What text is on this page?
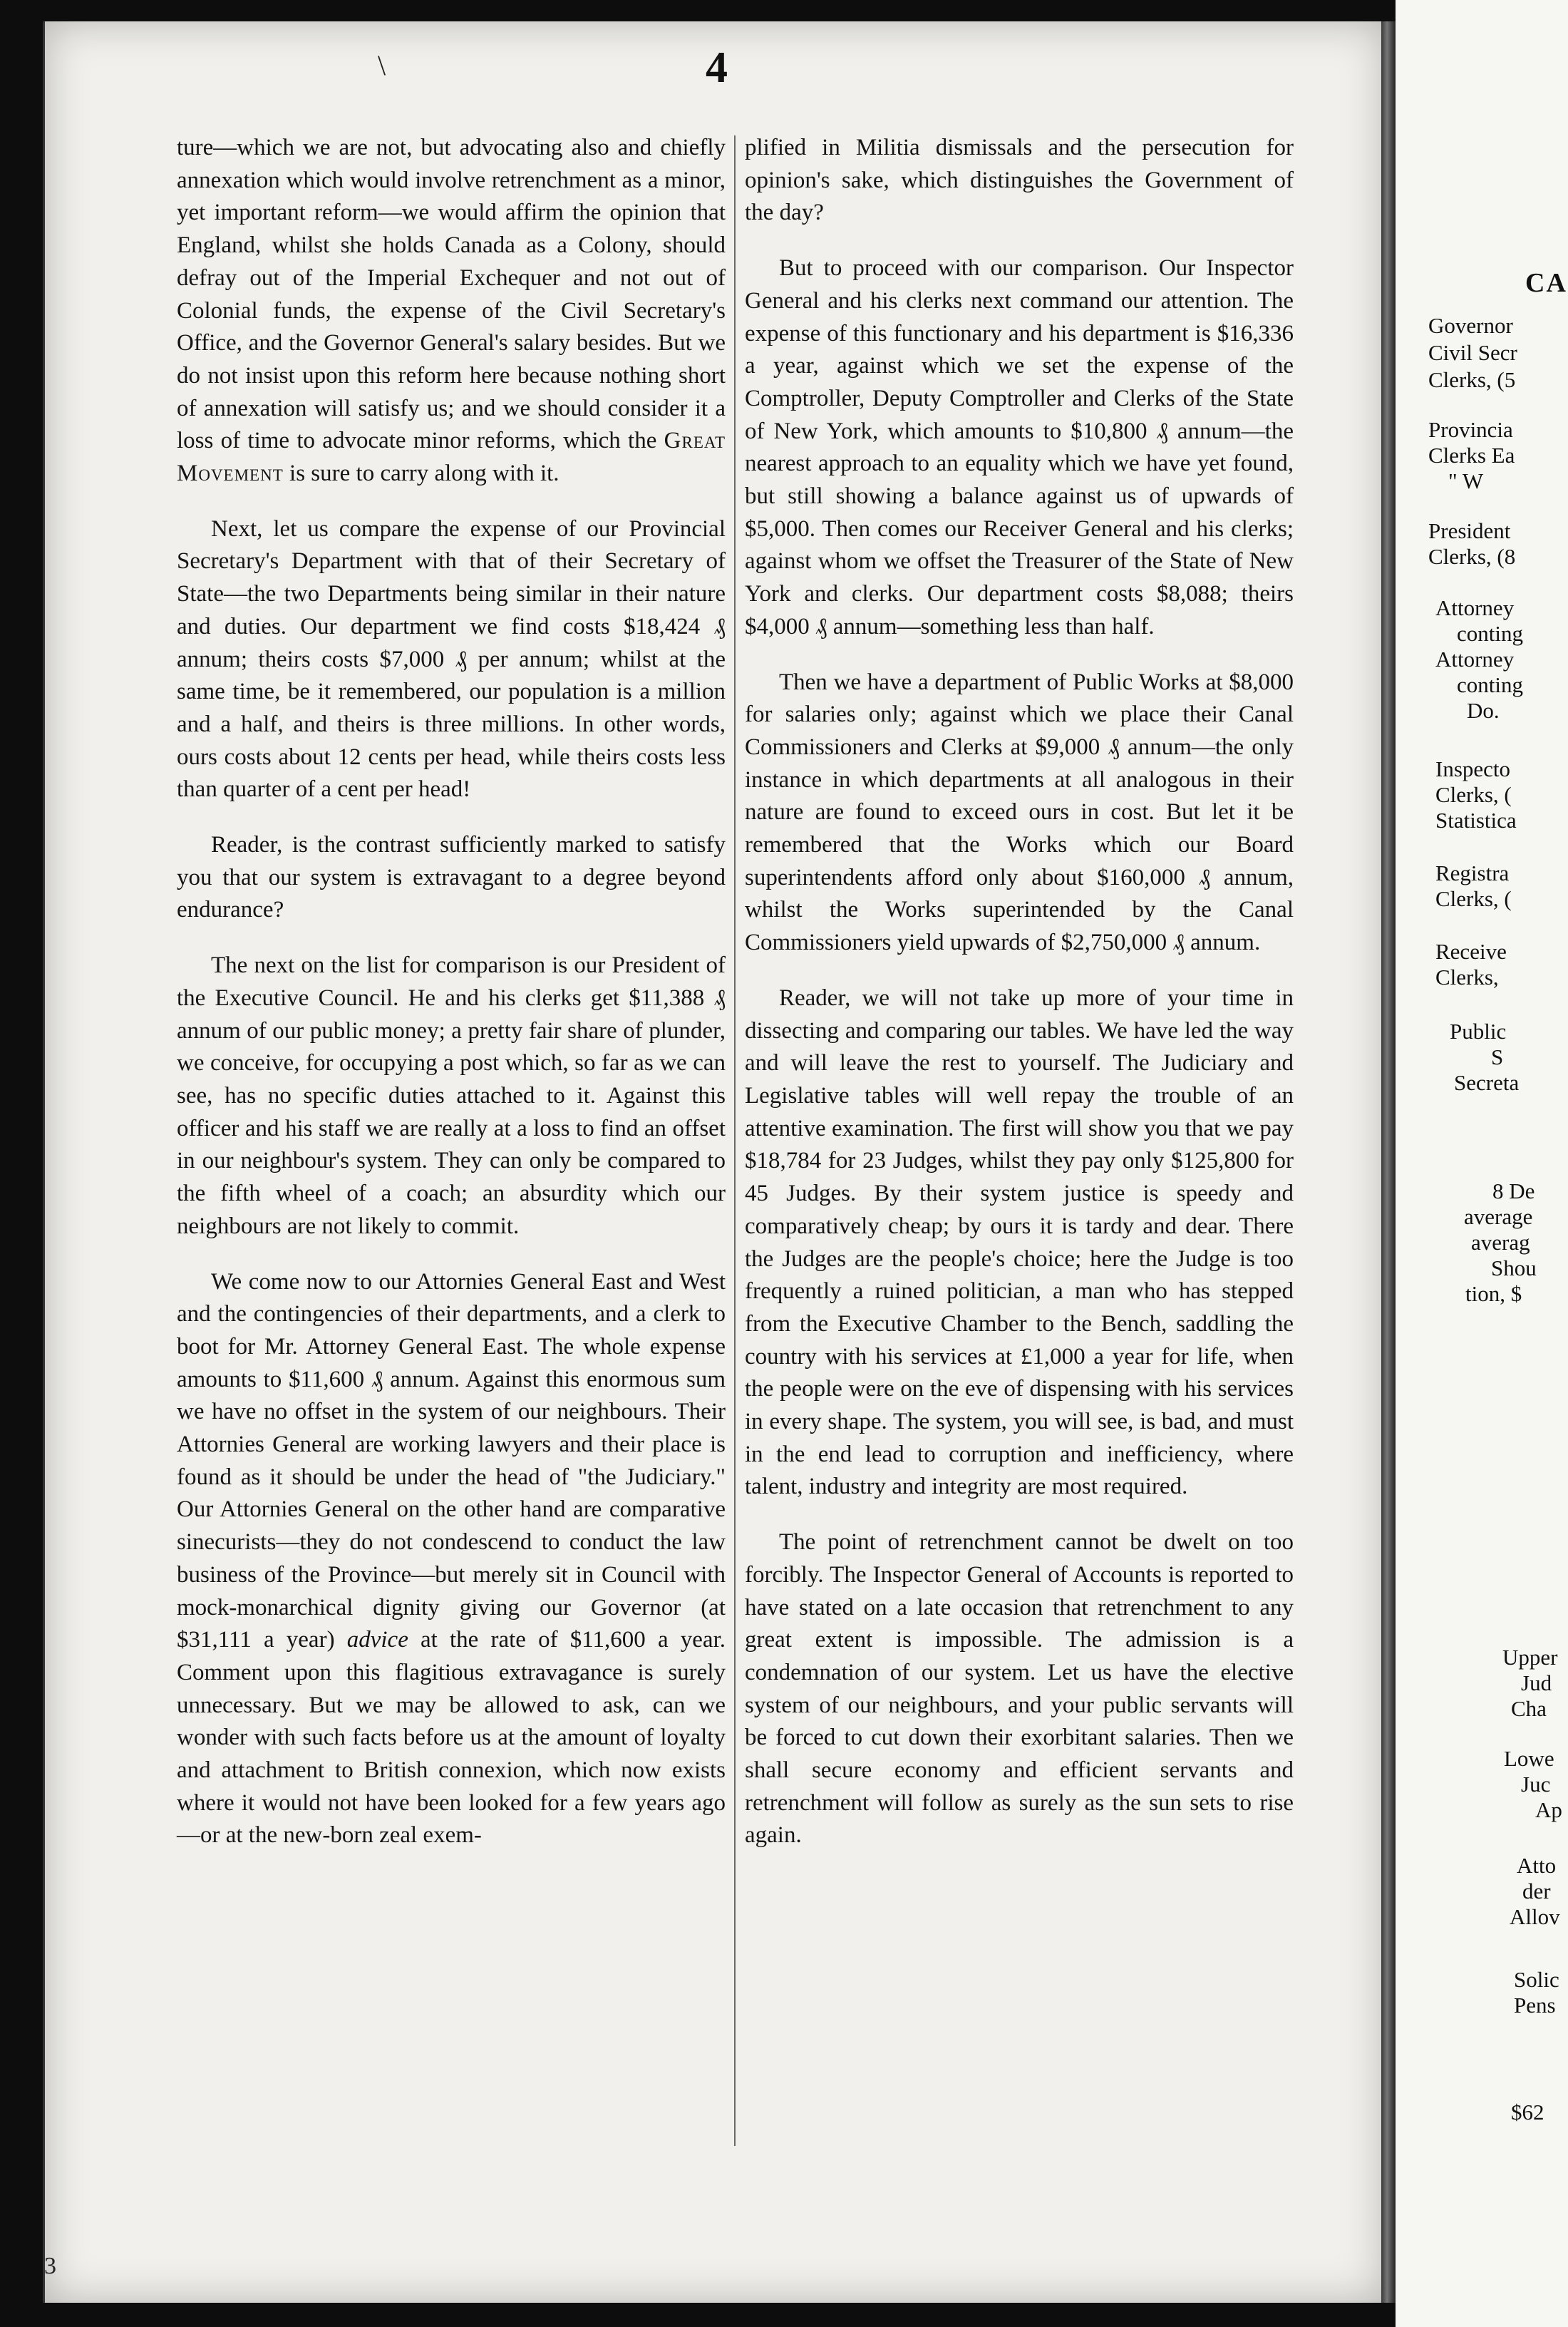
\	4

ture—which we are not, but advocating also and chiefly annexation which would involve retrenchment as a minor, yet important reform—we would affirm the opinion that England, whilst she holds Canada as a Colony, should defray out of the Imperial Exchequer and not out of Colonial funds, the expense of the Civil Secretary's Office, and the Governor General's salary besides. But we do not insist upon this reform here because nothing short of annexation will satisfy us; and we should consider it a loss of time to advocate minor reforms, which the Great Movement is sure to carry along with it.

Next, let us compare the expense of our Provincial Secretary's Department with that of their Secretary of State—the two Departments being similar in their nature and duties. Our department we find costs $18,424 ₰ annum; theirs costs $7,000 ₰ per annum; whilst at the same time, be it remembered, our population is a million and a half, and theirs is three millions. In other words, ours costs about 12 cents per head, while theirs costs less than quarter of a cent per head!

Reader, is the contrast sufficiently marked to satisfy you that our system is extravagant to a degree beyond endurance?

The next on the list for comparison is our President of the Executive Council. He and his clerks get $11,388 ₰ annum of our public money; a pretty fair share of plunder, we conceive, for occupying a post which, so far as we can see, has no specific duties attached to it. Against this officer and his staff we are really at a loss to find an offset in our neighbour's system. They can only be compared to the fifth wheel of a coach; an absurdity which our neighbours are not likely to commit.

We come now to our Attornies General East and West and the contingencies of their departments, and a clerk to boot for Mr. Attorney General East. The whole expense amounts to $11,600 ₰ annum. Against this enormous sum we have no offset in the system of our neighbours. Their Attornies General are working lawyers and their place is found as it should be under the head of "the Judiciary." Our Attornies General on the other hand are comparative sinecurists—they do not condescend to conduct the law business of the Province—but merely sit in Council with mock-monarchical dignity giving our Governor (at $31,111 a year) advice at the rate of $11,600 a year. Comment upon this flagitious extravagance is surely unnecessary. But we may be allowed to ask, can we wonder with such facts before us at the amount of loyalty and attachment to British connexion, which now exists where it would not have been looked for a few years ago—or at the new-born zeal exem-

plified in Militia dismissals and the persecution for opinion's sake, which distinguishes the Government of the day?

But to proceed with our comparison. Our Inspector General and his clerks next command our attention. The expense of this functionary and his department is $16,336 a year, against which we set the expense of the Comptroller, Deputy Comptroller and Clerks of the State of New York, which amounts to $10,800 ₰ annum—the nearest approach to an equality which we have yet found, but still showing a balance against us of upwards of $5,000. Then comes our Receiver General and his clerks; against whom we offset the Treasurer of the State of New York and clerks. Our department costs $8,088; theirs $4,000 ₰ annum—something less than half.

Then we have a department of Public Works at $8,000 for salaries only; against which we place their Canal Commissioners and Clerks at $9,000 ₰ annum—the only instance in which departments at all analogous in their nature are found to exceed ours in cost. But let it be remembered that the Works which our Board superintendents afford only about $160,000 ₰ annum, whilst the Works superintended by the Canal Commissioners yield upwards of $2,750,000 ₰ annum.

Reader, we will not take up more of your time in dissecting and comparing our tables. We have led the way and will leave the rest to yourself. The Judiciary and Legislative tables will well repay the trouble of an attentive examination. The first will show you that we pay $18,784 for 23 Judges, whilst they pay only $125,800 for 45 Judges. By their system justice is speedy and comparatively cheap; by ours it is tardy and dear. There the Judges are the people's choice; here the Judge is too frequently a ruined politician, a man who has stepped from the Executive Chamber to the Bench, saddling the country with his services at £1,000 a year for life, when the people were on the eve of dispensing with his services in every shape. The system, you will see, is bad, and must in the end lead to corruption and inefficiency, where talent, industry and integrity are most required.

The point of retrenchment cannot be dwelt on too forcibly. The Inspector General of Accounts is reported to have stated on a late occasion that retrenchment to any great extent is impossible. The admission is a condemnation of our system. Let us have the elective system of our neighbours, and your public servants will be forced to cut down their exorbitant salaries. Then we shall secure economy and efficient servants and retrenchment will follow as surely as the sun sets to rise again.

CA
Governor
Civil Secr
Clerks, (5
Provincia
Clerks Ea
" W
President
Clerks, (8
Attorney
conting
Attorney
conting
Do.
Inspecto
Clerks, (
Statistica
Registra
Clerks, (
Receive
Clerks,
Public
S
Secreta
8 De
average
averag
Shou
tion, $
Upper
Jud
Cha
Lowe
Juc
Ap
Atto
der
Allov
Solic
Pens
$62
3
